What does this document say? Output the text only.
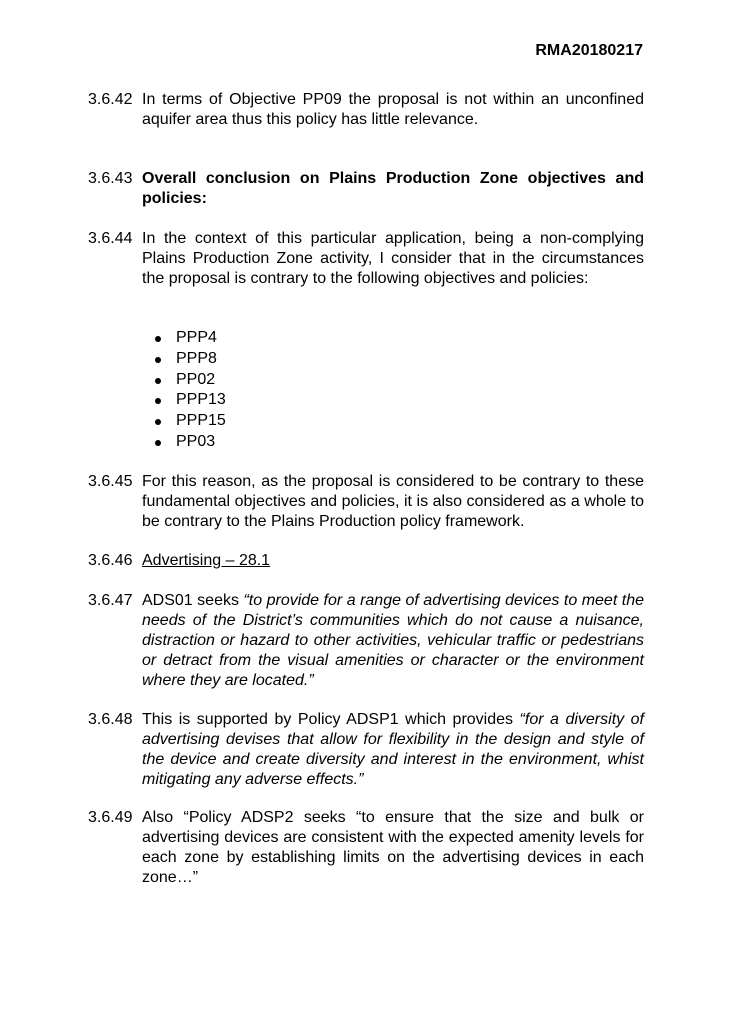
RMA20180217
3.6.42 In terms of Objective PP09 the proposal is not within an unconfined aquifer area thus this policy has little relevance.
3.6.43 Overall conclusion on Plains Production Zone objectives and policies:
3.6.44 In the context of this particular application, being a non-complying Plains Production Zone activity, I consider that in the circumstances the proposal is contrary to the following objectives and policies:
PPP4
PPP8
PP02
PPP13
PPP15
PP03
3.6.45 For this reason, as the proposal is considered to be contrary to these fundamental objectives and policies, it is also considered as a whole to be contrary to the Plains Production policy framework.
3.6.46 Advertising – 28.1
3.6.47 ADS01 seeks “to provide for a range of advertising devices to meet the needs of the District’s communities which do not cause a nuisance, distraction or hazard to other activities, vehicular traffic or pedestrians or detract from the visual amenities or character or the environment where they are located.”
3.6.48 This is supported by Policy ADSP1 which provides “for a diversity of advertising devises that allow for flexibility in the design and style of the device and create diversity and interest in the environment, whist mitigating any adverse effects.”
3.6.49 Also “Policy ADSP2 seeks “to ensure that the size and bulk or advertising devices are consistent with the expected amenity levels for each zone by establishing limits on the advertising devices in each zone…”
